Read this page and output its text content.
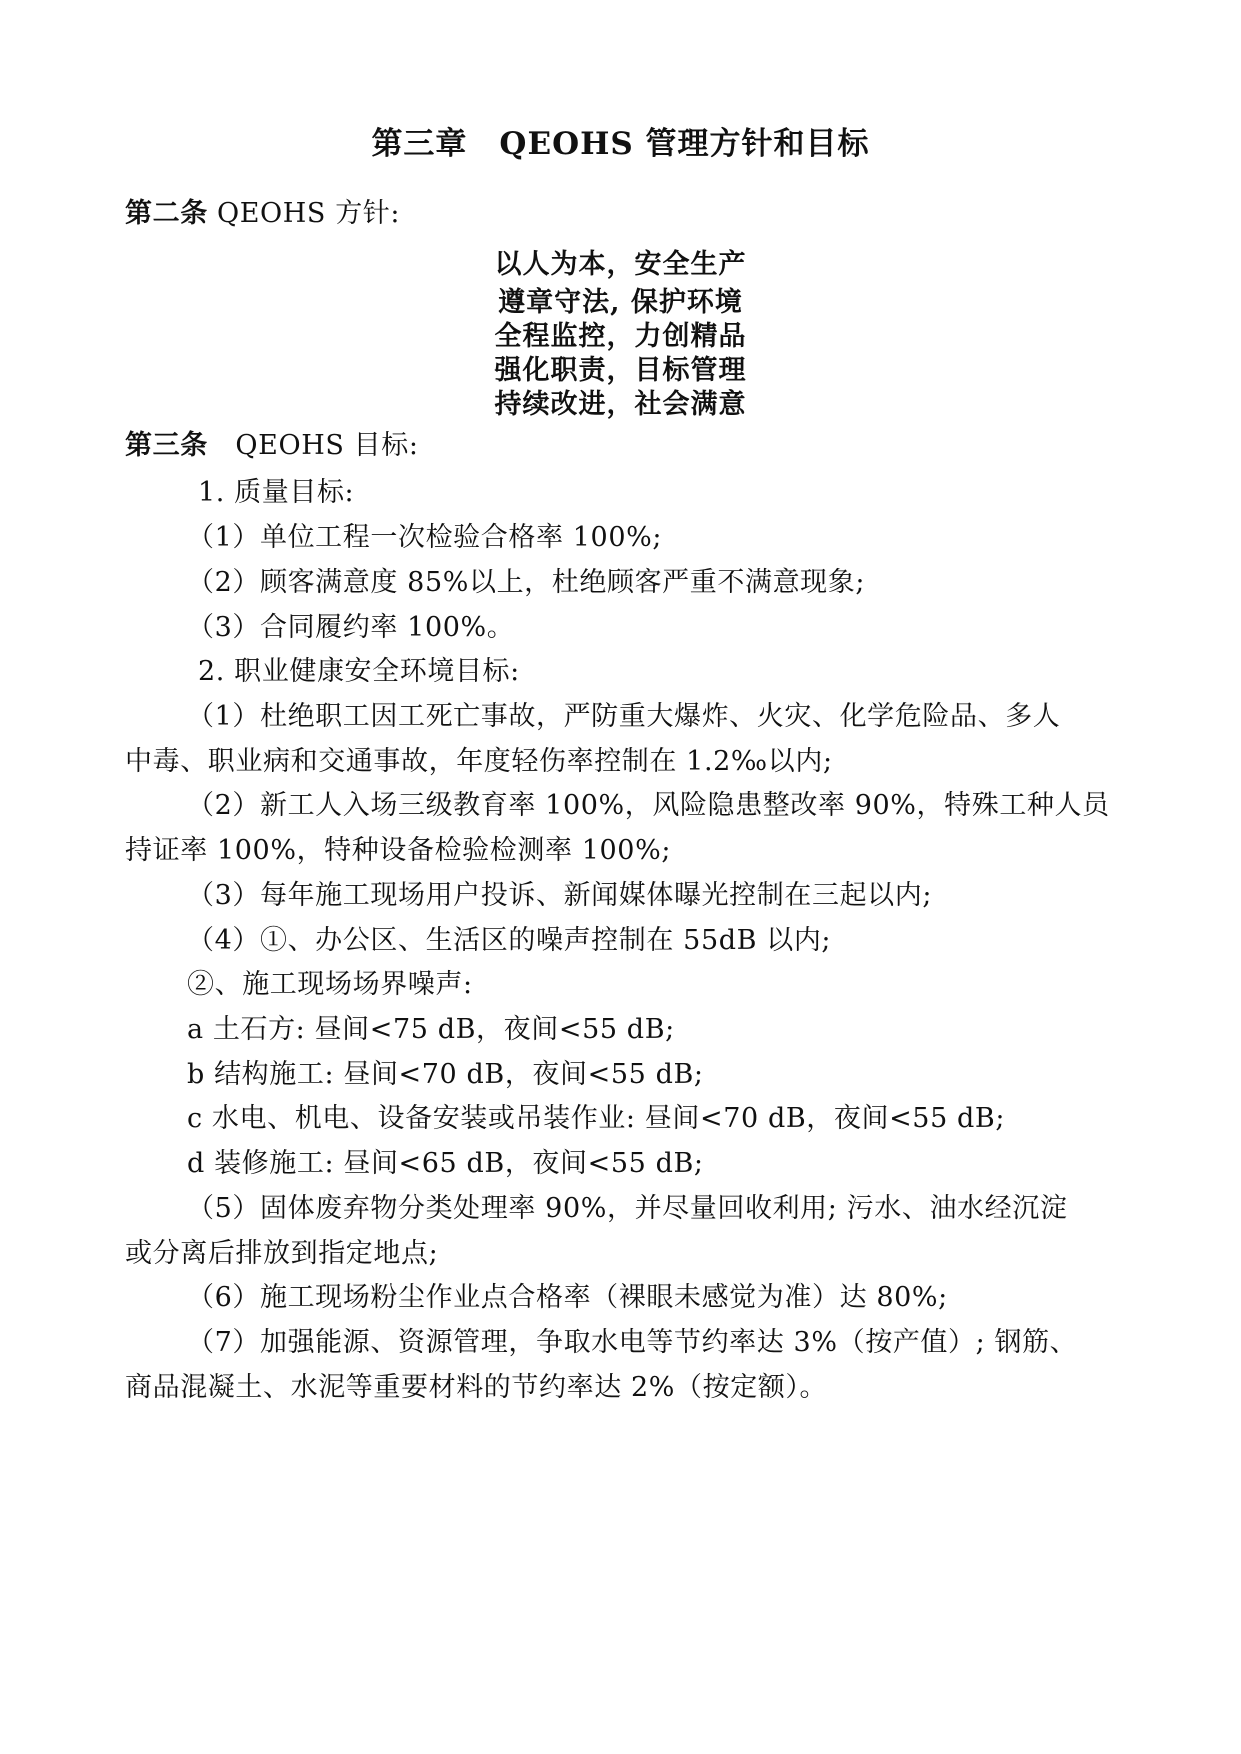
第三章　QEOHS 管理方针和目标
第二条 QEOHS 方针:
以人为本，安全生产
遵章守法, 保护环境
全程监控，力创精品
强化职责，目标管理
持续改进，社会满意
第三条　QEOHS 目标:
1. 质量目标:
（1）单位工程一次检验合格率 100%;
（2）顾客满意度 85%以上，杜绝顾客严重不满意现象;
（3）合同履约率 100%。
2. 职业健康安全环境目标:
（1）杜绝职工因工死亡事故，严防重大爆炸、火灾、化学危险品、多人
中毒、职业病和交通事故，年度轻伤率控制在 1.2‰以内;
（2）新工人入场三级教育率 100%，风险隐患整改率 90%，特殊工种人员
持证率 100%，特种设备检验检测率 100%;
（3）每年施工现场用户投诉、新闻媒体曝光控制在三起以内;
（4）①、办公区、生活区的噪声控制在 55dB 以内;
②、施工现场场界噪声:
a 土石方: 昼间<75 dB，夜间<55 dB;
b 结构施工: 昼间<70 dB，夜间<55 dB;
c 水电、机电、设备安装或吊装作业: 昼间<70 dB，夜间<55 dB;
d 装修施工: 昼间<65 dB，夜间<55 dB;
（5）固体废弃物分类处理率 90%，并尽量回收利用; 污水、油水经沉淀
或分离后排放到指定地点;
（6）施工现场粉尘作业点合格率（裸眼未感觉为准）达 80%;
（7）加强能源、资源管理，争取水电等节约率达 3%（按产值）; 钢筋、
商品混凝土、水泥等重要材料的节约率达 2%（按定额）。
